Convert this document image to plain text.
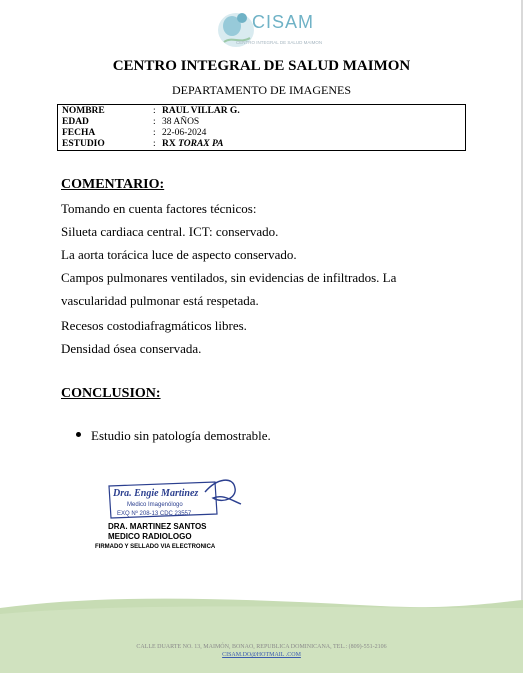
CISAM
CENTRO INTEGRAL DE SALUD MAIMON
CENTRO INTEGRAL DE SALUD MAIMON
DEPARTAMENTO DE IMAGENES
NOMBRE	: RAUL VILLAR G.
EDAD	: 38 AÑOS
FECHA	: 22-06-2024
ESTUDIO	: RX TORAX PA
COMENTARIO:
Tomando en cuenta factores técnicos:
Silueta cardiaca central. ICT: conservado.
La aorta torácica luce de aspecto conservado.
Campos pulmonares ventilados, sin evidencias de infiltrados. La
vascularidad pulmonar está respetada.
Recesos costodiafragmáticos libres.
Densidad ósea conservada.
CONCLUSION:
Estudio sin patología demostrable.
Dra. Engie Martinez
Medico Imagenólogo
EXQ Nº 208-13 CDC 23557
DRA. MARTINEZ SANTOS
MEDICO RADIOLOGO
FIRMADO Y SELLADO VIA ELECTRONICA
CALLE DUARTE NO. 13, MAIMÓN, BONAO, REPUBLICA DOMINICANA, TEL.: (809)-551-2106
CISAM.DO@HOTMAIL .COM
